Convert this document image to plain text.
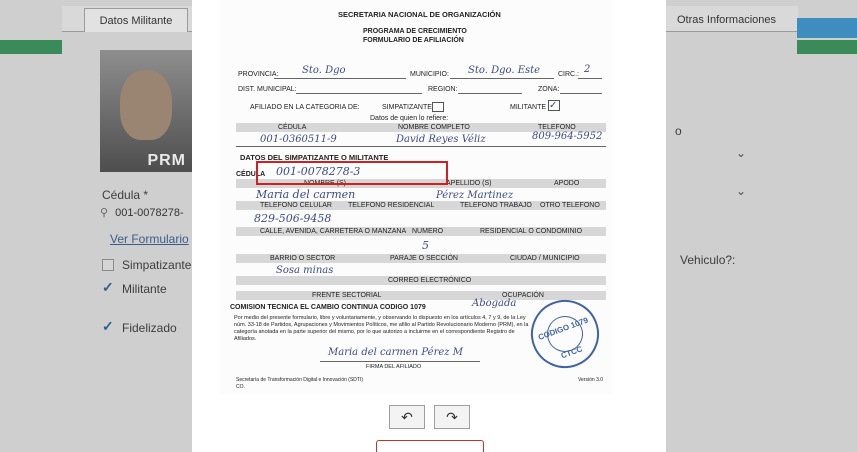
Datos Militante	Otras Informaciones
PRM
Cédula *
⚲ 001-0078278-
Ver Formulario
Simpatizante
✓ Militante
✓ Fidelizado
o
⌄
⌄
Vehiculo?:
SECRETARIA NACIONAL DE ORGANIZACIÓN
PROGRAMA DE CRECIMIENTO
FORMULARIO DE AFILIACIÓN
PROVINCIA: Sto. Dgo	MUNICIPIO: Sto. Dgo. Este	CIRC.: 2
DIST. MUNICIPAL:	REGION:	ZONA:
AFILIADO EN LA CATEGORIA DE:	SIMPATIZANTE	MILITANTE ✓
Datos de quien lo refiere:
CÉDULA	NOMBRE COMPLETO	TELEFONO
001-0360511-9	David Reyes Véliz	809-964-5952
DATOS DEL SIMPATIZANTE O MILITANTE
CÉDULA 001-0078278-3
NOMBRE (S)	APELLIDO (S)	APODO
Maria del carmen	Pérez Martinez
TELEFONO CELULAR TELEFONO RESIDENCIAL	TELEFONO TRABAJO OTRO TELEFONO
829-506-9458
CALLE, AVENIDA, CARRETERA O MANZANA NUMERO	RESIDENCIAL O CONDOMINIO
5
BARRIO O SECTOR	PARAJE O SECCIÓN	CIUDAD / MUNICIPIO
Sosa minas
CORREO ELECTRÓNICO
FRENTE SECTORIAL	OCUPACIÓN
COMISION TECNICA EL CAMBIO CONTINUA CODIGO 1079	Abogada
Por medio del presente formulario, libre y voluntariamente, y observando lo dispuesto en los artículos 4, 7 y 9, de la Ley
núm. 33-18 de Partidos, Agrupaciones y Movimientos Políticos, me afilio al Partido Revolucionario Moderno (PRM), en la
categoría anotada en la parte superior del mismo, por lo que autorizo a incluirme en el correspondiente Registro de
Afiliados.
Maria del carmen Pérez M
FIRMA DEL AFILIADO
Secretaría de Transformación Digital e Innovación (SDTI)
CO.
Versión 3.0
CODIGO 1079
CTCC
↶	↷
